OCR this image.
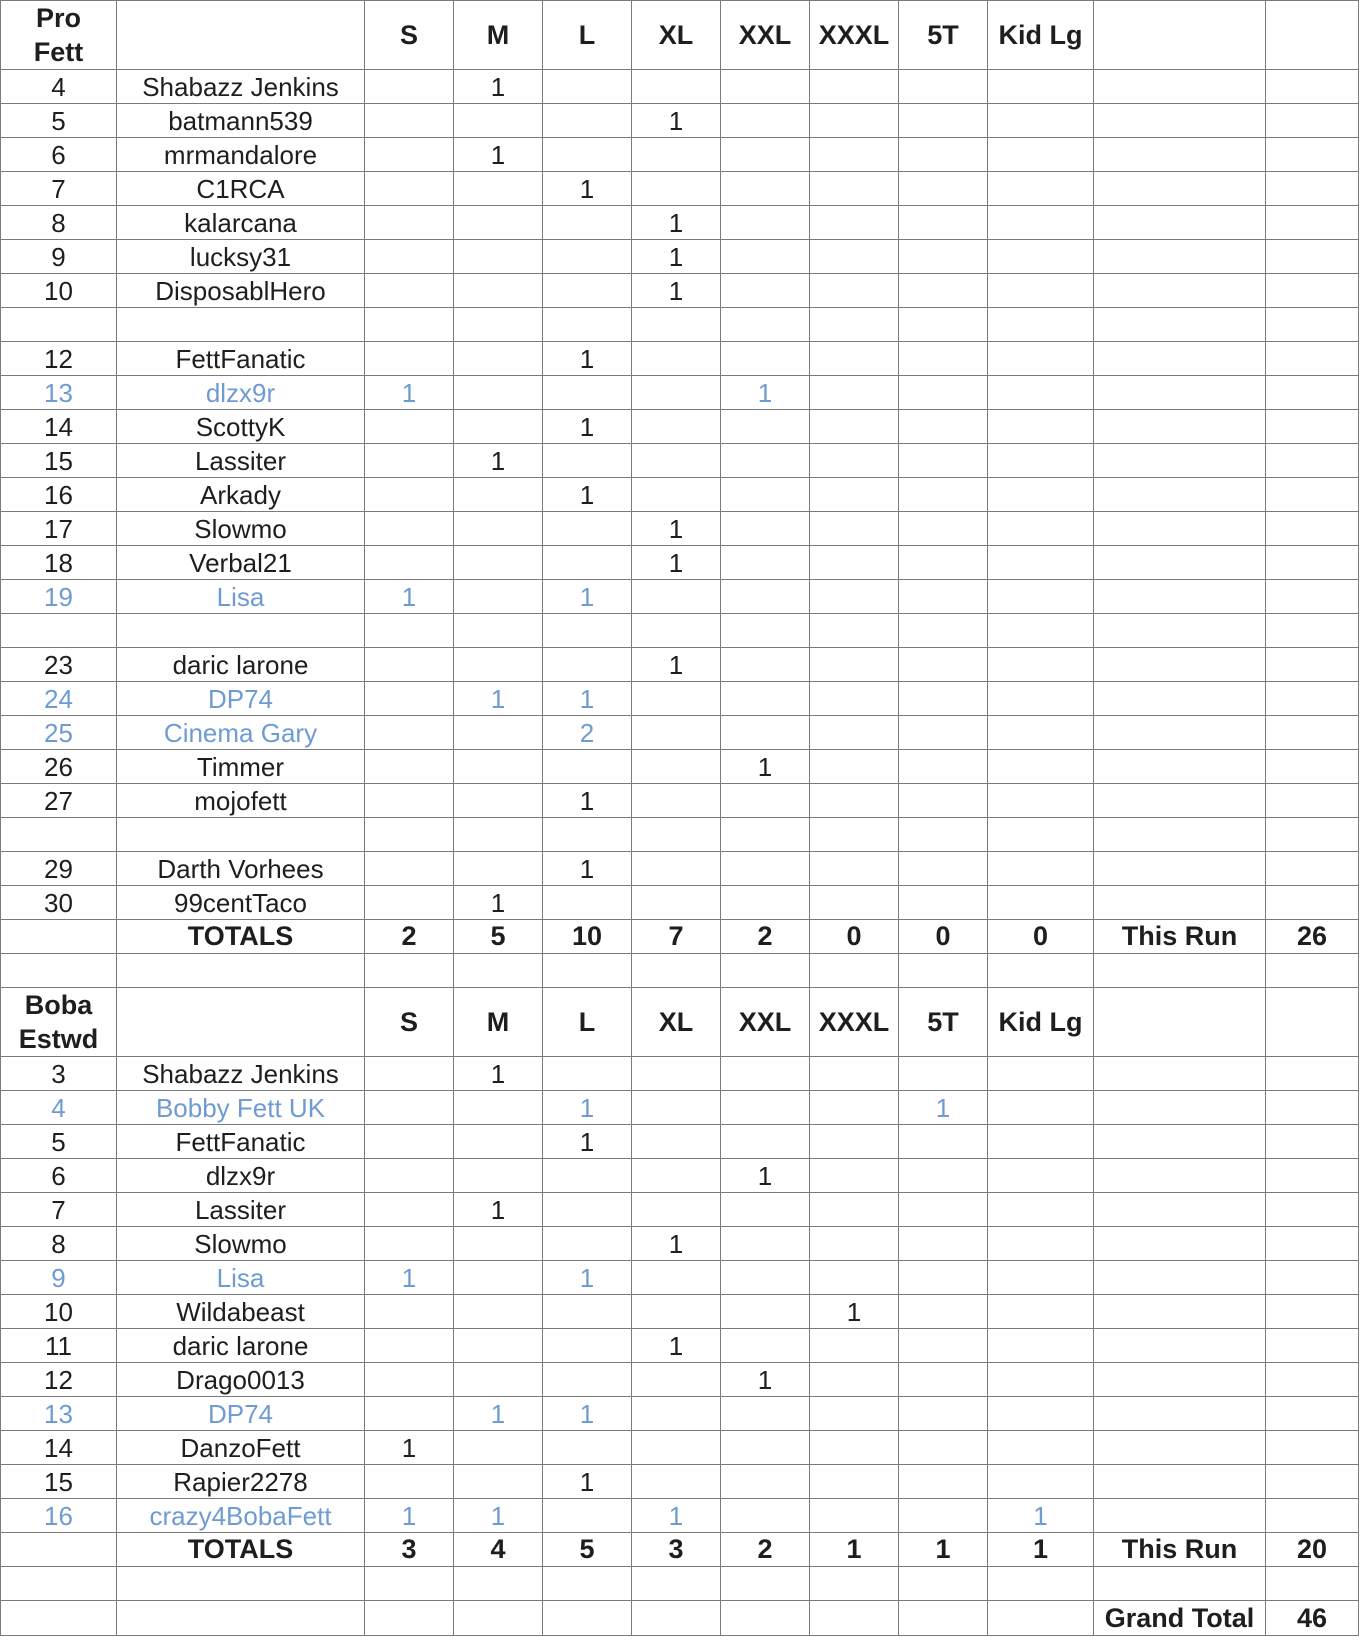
Pro
Fett		S	M	L	XL	XXL	XXXL	5T	Kid Lg		
4	Shabazz Jenkins		1								
5	batmann539				1						
6	mrmandalore		1								
7	C1RCA			1							
8	kalarcana				1						
9	lucksy31				1						
10	DisposablHero				1						

12	FettFanatic			1							
13	dlzx9r	1				1					
14	ScottyK			1							
15	Lassiter		1								
16	Arkady			1							
17	Slowmo				1						
18	Verbal21				1						
19	Lisa	1		1							

23	daric larone				1						
24	DP74		1	1							
25	Cinema Gary			2							
26	Timmer					1					
27	mojofett			1							

29	Darth Vorhees			1							
30	99centTaco		1								
	TOTALS	2	5	10	7	2	0	0	0	This Run	26

Boba
Estwd		S	M	L	XL	XXL	XXXL	5T	Kid Lg		
3	Shabazz Jenkins		1								
4	Bobby Fett UK			1				1			
5	FettFanatic			1							
6	dlzx9r					1					
7	Lassiter		1								
8	Slowmo				1						
9	Lisa	1		1							
10	Wildabeast						1				
11	daric larone				1						
12	Drago0013					1					
13	DP74		1	1							
14	DanzoFett	1									
15	Rapier2278			1							
16	crazy4BobaFett	1	1		1				1		
	TOTALS	3	4	5	3	2	1	1	1	This Run	20

										Grand Total	46
